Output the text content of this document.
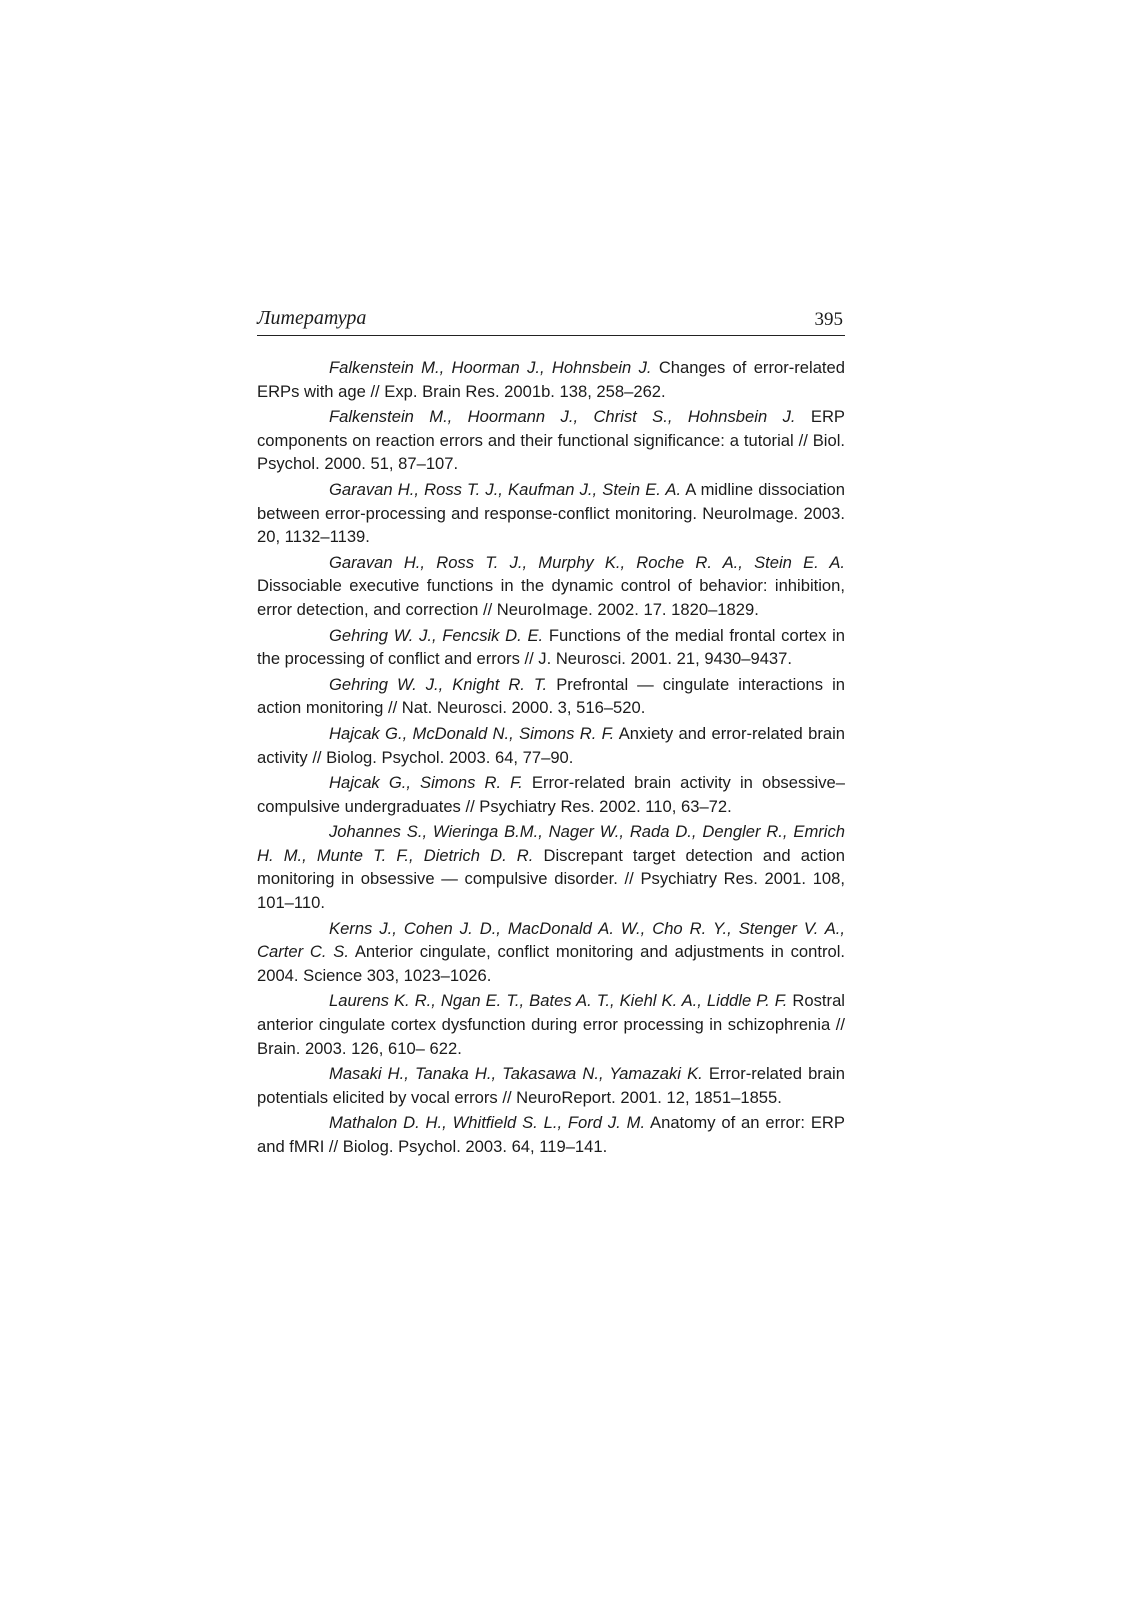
Литература	395

Falkenstein M., Hoorman J., Hohnsbein J. Changes of error-related ERPs with age // Exp. Brain Res. 2001b. 138, 258–262.

Falkenstein M., Hoormann J., Christ S., Hohnsbein J. ERP components on reaction errors and their functional significance: a tutorial // Biol. Psychol. 2000. 51, 87–107.

Garavan H., Ross T. J., Kaufman J., Stein E. A. A midline dissociation between error-processing and response-conflict monitoring. NeuroImage. 2003. 20, 1132–1139.

Garavan H., Ross T. J., Murphy K., Roche R. A., Stein E. A. Dissociable executive functions in the dynamic control of behavior: inhibition, error detection, and correction // NeuroImage. 2002. 17. 1820–1829.

Gehring W. J., Fencsik D. E. Functions of the medial frontal cortex in the processing of conflict and errors // J. Neurosci. 2001. 21, 9430–9437.

Gehring W. J., Knight R. T. Prefrontal — cingulate interactions in action monitoring // Nat. Neurosci. 2000. 3, 516–520.

Hajcak G., McDonald N., Simons R. F. Anxiety and error-related brain activity // Biolog. Psychol. 2003. 64, 77–90.

Hajcak G., Simons R. F. Error-related brain activity in obsessive– compulsive undergraduates // Psychiatry Res. 2002. 110, 63–72.

Johannes S., Wieringa B.M., Nager W., Rada D., Dengler R., Emrich H. M., Munte T. F., Dietrich D. R. Discrepant target detection and action monitoring in obsessive — compulsive disorder. // Psychiatry Res. 2001. 108, 101–110.

Kerns J., Cohen J. D., MacDonald A. W., Cho R. Y., Stenger V. A., Carter C. S. Anterior cingulate, conflict monitoring and adjustments in control. 2004. Science 303, 1023–1026.

Laurens K. R., Ngan E. T., Bates A. T., Kiehl K. A., Liddle P. F. Rostral anterior cingulate cortex dysfunction during error processing in schizophrenia // Brain. 2003. 126, 610– 622.

Masaki H., Tanaka H., Takasawa N., Yamazaki K. Error-related brain potentials elicited by vocal errors // NeuroReport. 2001. 12, 1851–1855.

Mathalon D. H., Whitfield S. L., Ford J. M. Anatomy of an error: ERP and fMRI // Biolog. Psychol. 2003. 64, 119–141.
